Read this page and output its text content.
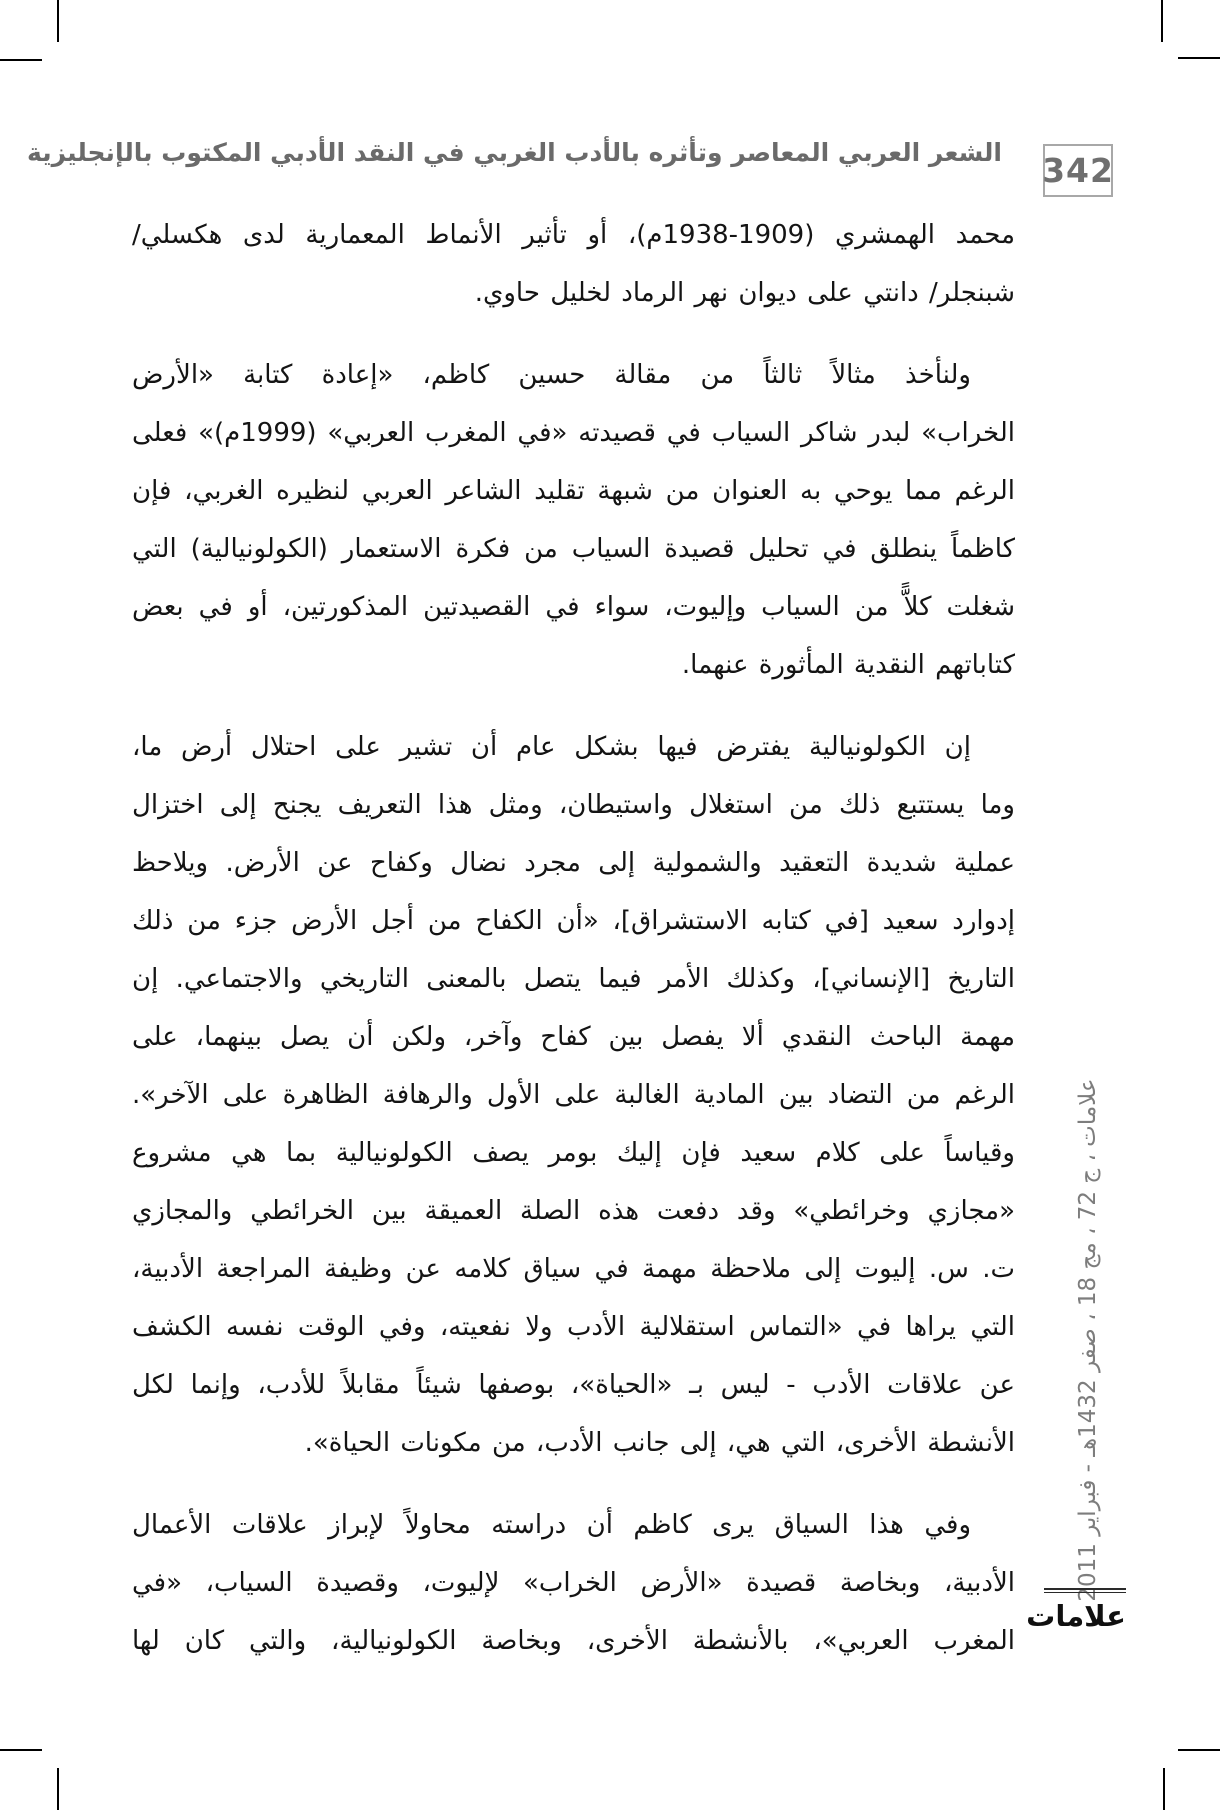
الشعر العربي المعاصر وتأثره بالأدب الغربي في النقد الأدبي المكتوب بالإنجليزية 342
محمد الهمشري (1909-1938م)، أو تأثير الأنماط المعمارية لدى هكسلي/
شبنجلر/ دانتي على ديوان نهر الرماد لخليل حاوي.
ولنأخذ مثالاً ثالثاً من مقالة حسين كاظم، «إعادة كتابة «الأرض
الخراب» لبدر شاكر السياب في قصيدته «في المغرب العربي» (1999م)» فعلى
الرغم مما يوحي به العنوان من شبهة تقليد الشاعر العربي لنظيره الغربي، فإن
كاظماً ينطلق في تحليل قصيدة السياب من فكرة الاستعمار (الكولونيالية) التي
شغلت كلاًّ من السياب وإليوت، سواء في القصيدتين المذكورتين، أو في بعض
كتاباتهم النقدية المأثورة عنهما.
إن الكولونيالية يفترض فيها بشكل عام أن تشير على احتلال أرض ما،
وما يستتبع ذلك من استغلال واستيطان، ومثل هذا التعريف يجنح إلى اختزال
عملية شديدة التعقيد والشمولية إلى مجرد نضال وكفاح عن الأرض. ويلاحظ
إدوارد سعيد [في كتابه الاستشراق]، «أن الكفاح من أجل الأرض جزء من ذلك
التاريخ [الإنساني]، وكذلك الأمر فيما يتصل بالمعنى التاريخي والاجتماعي. إن
مهمة الباحث النقدي ألا يفصل بين كفاح وآخر، ولكن أن يصل بينهما، على
الرغم من التضاد بين المادية الغالبة على الأول والرهافة الظاهرة على الآخر».
وقياساً على كلام سعيد فإن إليك بومر يصف الكولونيالية بما هي مشروع
«مجازي وخرائطي» وقد دفعت هذه الصلة العميقة بين الخرائطي والمجازي
ت. س. إليوت إلى ملاحظة مهمة في سياق كلامه عن وظيفة المراجعة الأدبية،
التي يراها في «التماس استقلالية الأدب ولا نفعيته، وفي الوقت نفسه الكشف
عن علاقات الأدب - ليس بـ «الحياة»، بوصفها شيئاً مقابلاً للأدب، وإنما لكل
الأنشطة الأخرى، التي هي، إلى جانب الأدب، من مكونات الحياة».
وفي هذا السياق يرى كاظم أن دراسته محاولاً لإبراز علاقات الأعمال
الأدبية، وبخاصة قصيدة «الأرض الخراب» لإليوت، وقصيدة السياب، «في
المغرب العربي»، بالأنشطة الأخرى، وبخاصة الكولونيالية، والتي كان لها
علامات ، ج 72 ، مج 18 ، صفر 1432هـ - فبراير 2011
علامات
